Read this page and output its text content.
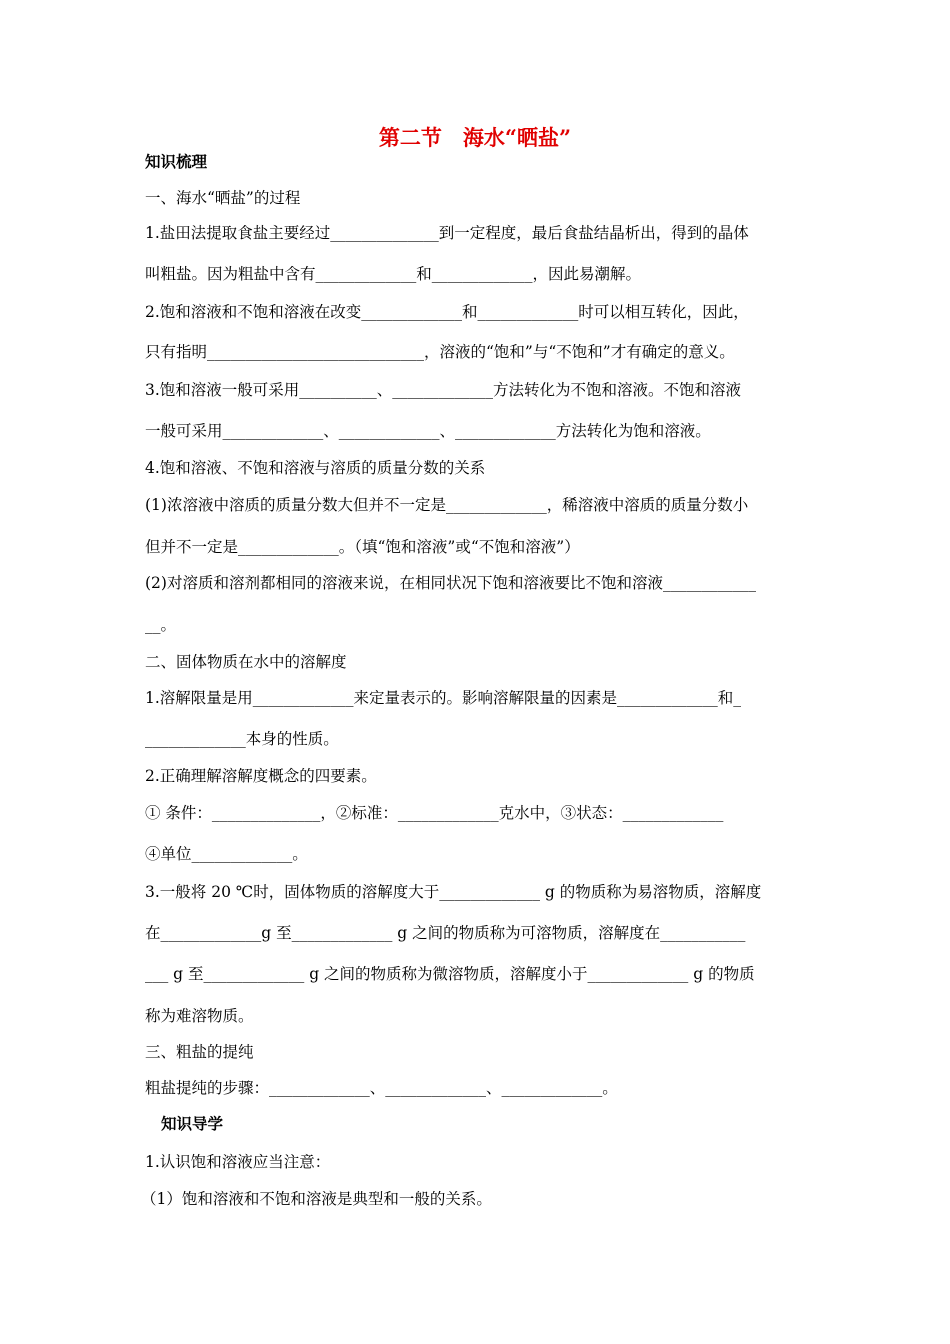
第二节　海水“晒盐”
知识梳理
一、海水“晒盐”的过程
1.盐田法提取食盐主要经过______________到一定程度，最后食盐结晶析出，得到的晶体
叫粗盐。因为粗盐中含有_____________和_____________，因此易潮解。
2.饱和溶液和不饱和溶液在改变_____________和_____________时可以相互转化，因此，
只有指明____________________________，溶液的“饱和”与“不饱和”才有确定的意义。
3.饱和溶液一般可采用__________、_____________方法转化为不饱和溶液。不饱和溶液
一般可采用_____________、_____________、_____________方法转化为饱和溶液。
4.饱和溶液、不饱和溶液与溶质的质量分数的关系
(1)浓溶液中溶质的质量分数大但并不一定是_____________，稀溶液中溶质的质量分数小
但并不一定是_____________。（填“饱和溶液”或“不饱和溶液”）
(2)对溶质和溶剂都相同的溶液来说，在相同状况下饱和溶液要比不饱和溶液____________
__。
二、固体物质在水中的溶解度
1.溶解限量是用_____________来定量表示的。影响溶解限量的因素是_____________和_
_____________本身的性质。
2.正确理解溶解度概念的四要素。
① 条件：______________，②标准：_____________克水中，③状态：_____________
④单位_____________。
3.一般将 20 ℃时，固体物质的溶解度大于_____________ g 的物质称为易溶物质，溶解度
在_____________g 至_____________ g 之间的物质称为可溶物质，溶解度在___________
___ g 至_____________ g 之间的物质称为微溶物质，溶解度小于_____________ g 的物质
称为难溶物质。
三、粗盐的提纯
粗盐提纯的步骤：_____________、_____________、_____________。
知识导学
1.认识饱和溶液应当注意：
（1）饱和溶液和不饱和溶液是典型和一般的关系。
